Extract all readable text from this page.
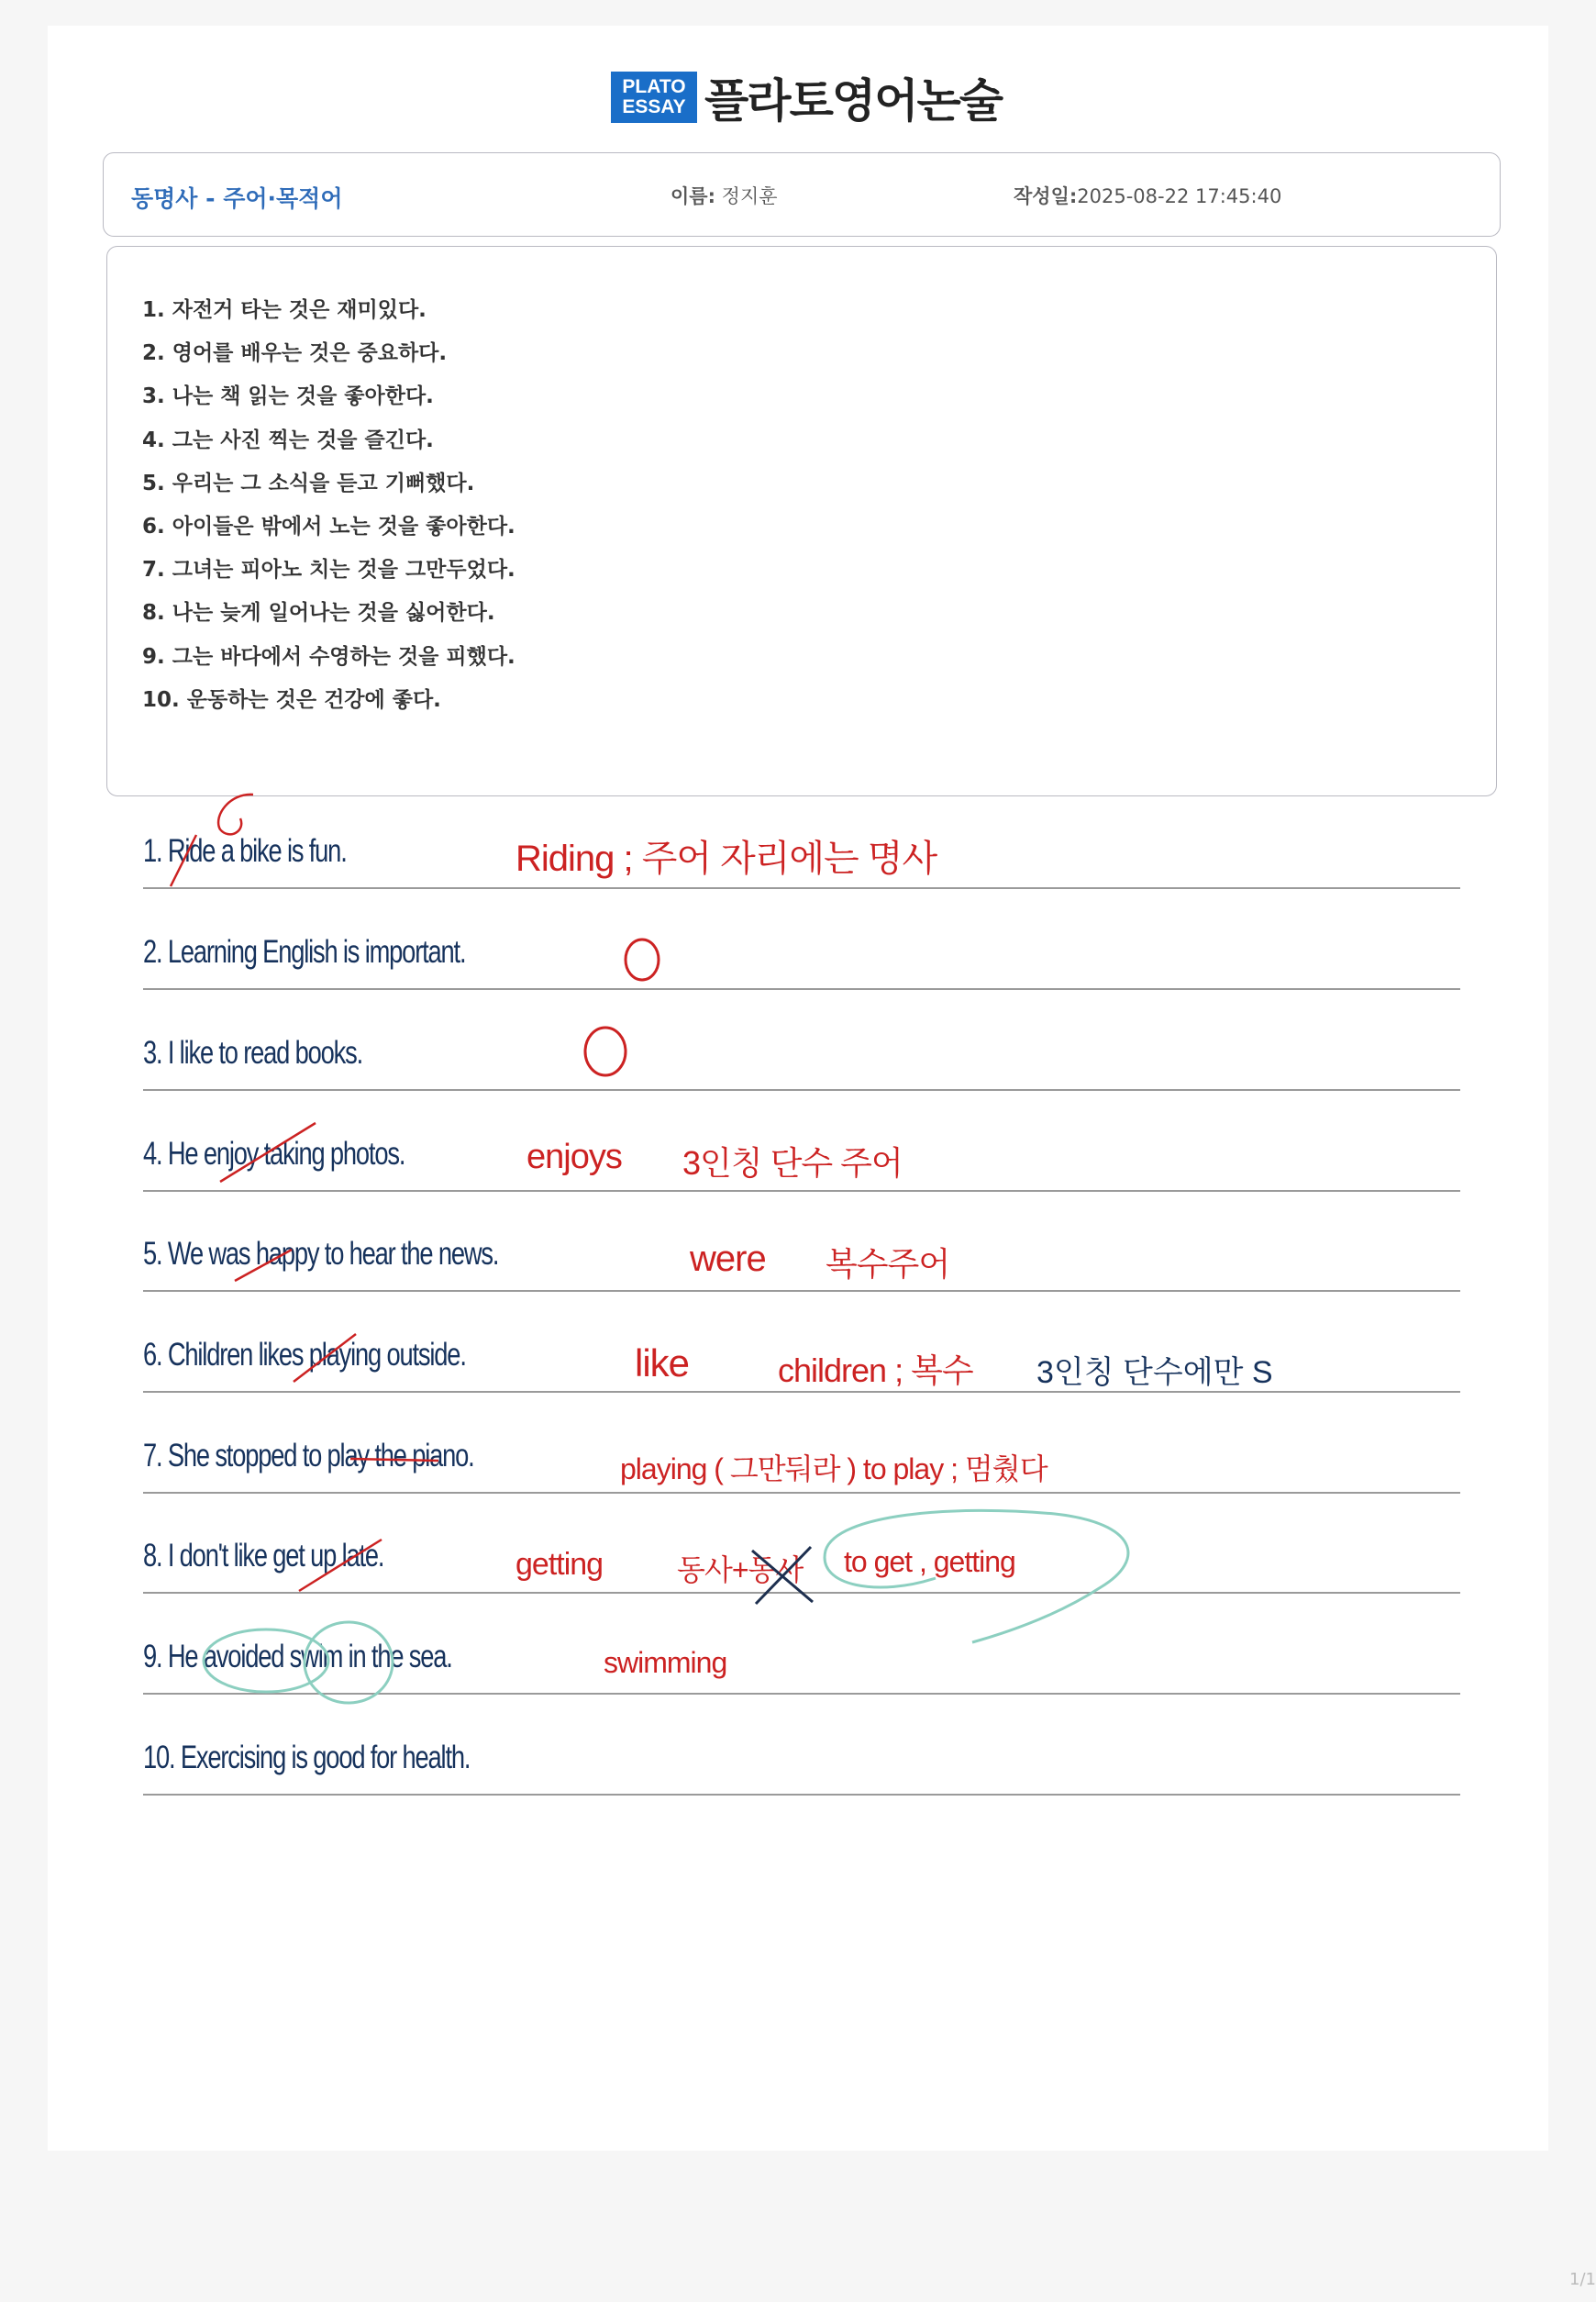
PLATO
ESSAY 플라토영어논술
동명사 - 주어·목적어	이름: 정지훈	작성일:2025-08-22 17:45:40
1. 자전거 타는 것은 재미있다.
2. 영어를 배우는 것은 중요하다.
3. 나는 책 읽는 것을 좋아한다.
4. 그는 사진 찍는 것을 즐긴다.
5. 우리는 그 소식을 듣고 기뻐했다.
6. 아이들은 밖에서 노는 것을 좋아한다.
7. 그녀는 피아노 치는 것을 그만두었다.
8. 나는 늦게 일어나는 것을 싫어한다.
9. 그는 바다에서 수영하는 것을 피했다.
10. 운동하는 것은 건강에 좋다.
1. Ride a bike is fun.
2. Learning English is important.
3. I like to read books.
4. He enjoy taking photos.
5. We was happy to hear the news.
6. Children likes playing outside.
7. She stopped to play the piano.
8. I don't like get up late.
9. He avoided swim in the sea.
10. Exercising is good for health.
Riding ; 주어 자리에는 명사
enjoys 3인칭 단수 주어
were 복수주어
like	children ; 복수 3인칭 단수에만 S
playing ( 그만둬라 ) to play ; 멈췄다
getting	동사+동사 to get , getting
swimming
1/1
